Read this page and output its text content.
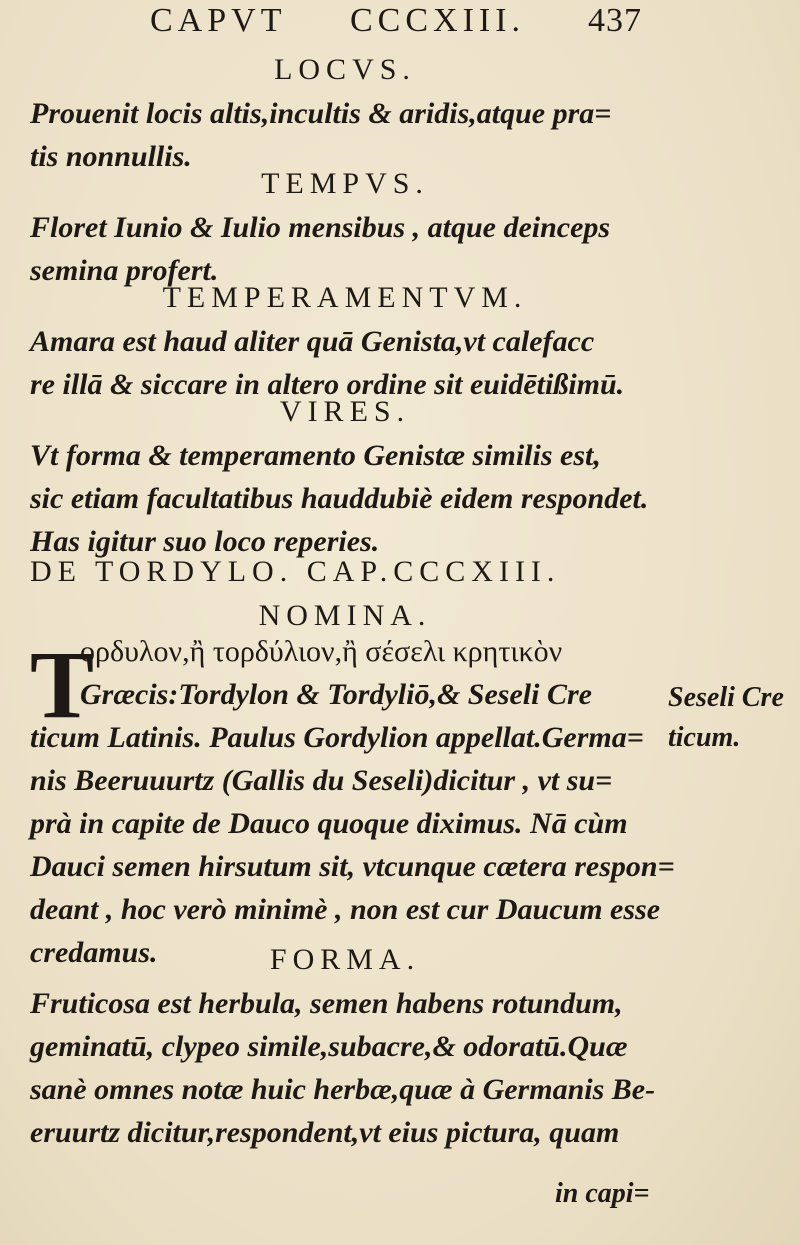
CAPVT CCCXIII. 437
LOCVS.
Prouenit locis altis,incultis & aridis,atque pra=
tis nonnullis.
TEMPVS.
Floret Iunio & Iulio mensibus , atque deinceps
semina profert.
TEMPERAMENTVM.
Amara est haud aliter quā Genista,vt calefacc
re illā & siccare in altero ordine sit euidētißimū.
VIRES.
Vt forma & temperamento Genistæ similis est,
sic etiam facultatibus hauddubiè eidem respondet.
Has igitur suo loco reperies.
DE TORDYLO. CAP.CCCXIII.
NOMINA.
T
ορδυλον,ἢ τορδύλιον,ἢ σέσελι κρητικὸν
Græcis:Tordylon & Tordyliō,& Seseli Cre
ticum Latinis. Paulus Gordylion appellat.Germa=
nis Beeruuurtz (Gallis du Seseli)dicitur , vt su=
prà in capite de Dauco quoque diximus. Nā cùm
Dauci semen hirsutum sit, vtcunque cætera respon=
deant , hoc verò minimè , non est cur Daucum esse
credamus.
Seseli Cre
ticum.
FORMA.
Fruticosa est herbula, semen habens rotundum,
geminatū, clypeo simile,subacre,& odoratū.Quæ
sanè omnes notæ huic herbæ,quæ à Germanis Be-
eruurtz dicitur,respondent,vt eius pictura, quam
in capi=
